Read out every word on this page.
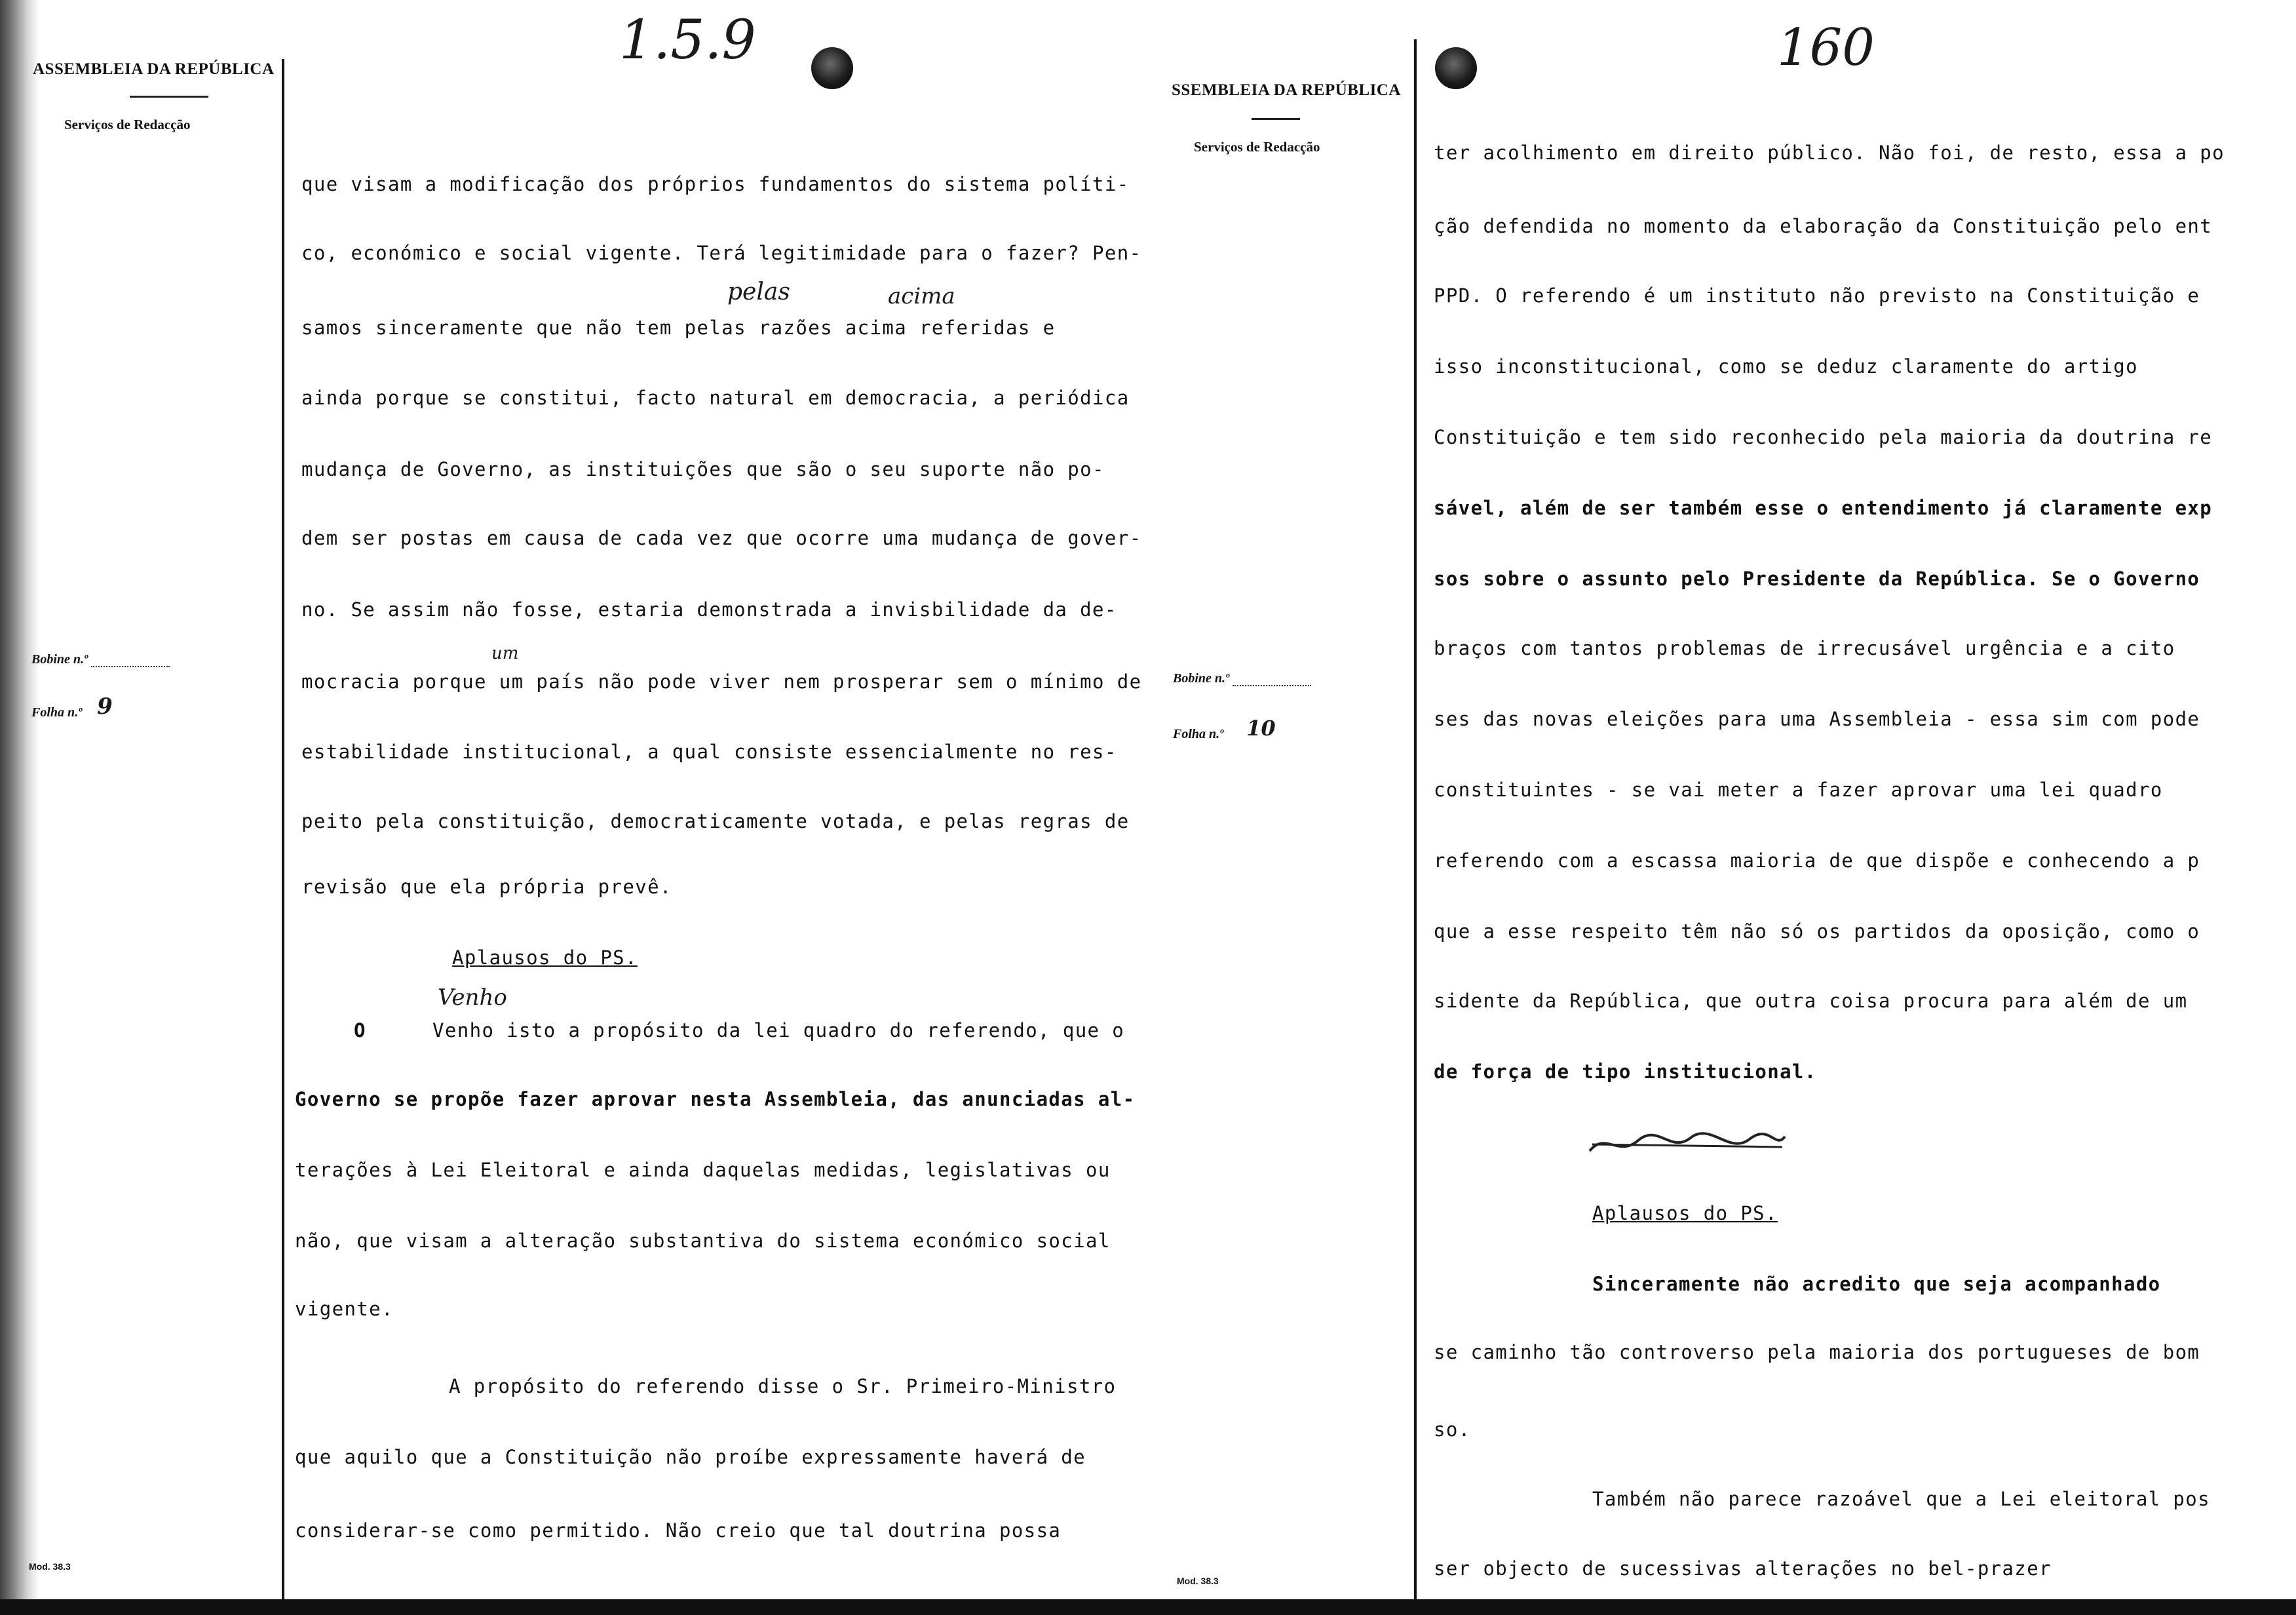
ASSEMBLEIA DA REPÚBLICA
Serviços de Redacção
1.5.9
Bobine n.º
Folha n.º 9
Mod. 38.3
que visam a modificação dos próprios fundamentos do sistema políti-
co, económico e social vigente. Terá legitimidade para o fazer? Pen-
samos sinceramente que não tem pelas razões acima referidas e
ainda porque se constitui, facto natural em democracia, a periódica
mudança de Governo, as instituições que são o seu suporte não po-
dem ser postas em causa de cada vez que ocorre uma mudança de gover-
no. Se assim não fosse, estaria demonstrada a invisbilidade da de-
mocracia porque um país não pode viver nem prosperar sem o mínimo de
estabilidade institucional, a qual consiste essencialmente no res-
peito pela constituição, democraticamente votada, e pelas regras de
revisão que ela própria prevê.
Aplausos do PS.
O	Venho isto a propósito da lei quadro do referendo, que o
Governo se propõe fazer aprovar nesta Assembleia, das anunciadas al-
terações à Lei Eleitoral e ainda daquelas medidas, legislativas ou
não, que visam a alteração substantiva do sistema económico social
vigente.
A propósito do referendo disse o Sr. Primeiro-Ministro
que aquilo que a Constituição não proíbe expressamente haverá de
considerar-se como permitido. Não creio que tal doutrina possa
pelas	acima
um
Venho
SSEMBLEIA DA REPÚBLICA
Serviços de Redacção
160
Bobine n.º
Folha n.º 10
Mod. 38.3
ter acolhimento em direito público. Não foi, de resto, essa a po
ção defendida no momento da elaboração da Constituição pelo ent
PPD. O referendo é um instituto não previsto na Constituição e
isso inconstitucional, como se deduz claramente do artigo
Constituição e tem sido reconhecido pela maioria da doutrina re
sável, além de ser também esse o entendimento já claramente exp
sos sobre o assunto pelo Presidente da República. Se o Governo
braços com tantos problemas de irrecusável urgência e a cito
ses das novas eleições para uma Assembleia - essa sim com pode
constituintes - se vai meter a fazer aprovar uma lei quadro
referendo com a escassa maioria de que dispõe e conhecendo a p
que a esse respeito têm não só os partidos da oposição, como o
sidente da República, que outra coisa procura para além de um
de força de tipo institucional.
Aplausos do PS.
Sinceramente não acredito que seja acompanhado
se caminho tão controverso pela maioria dos portugueses de bom
so.
Também não parece razoável que a Lei eleitoral pos
ser objecto de sucessivas alterações no bel-prazer
